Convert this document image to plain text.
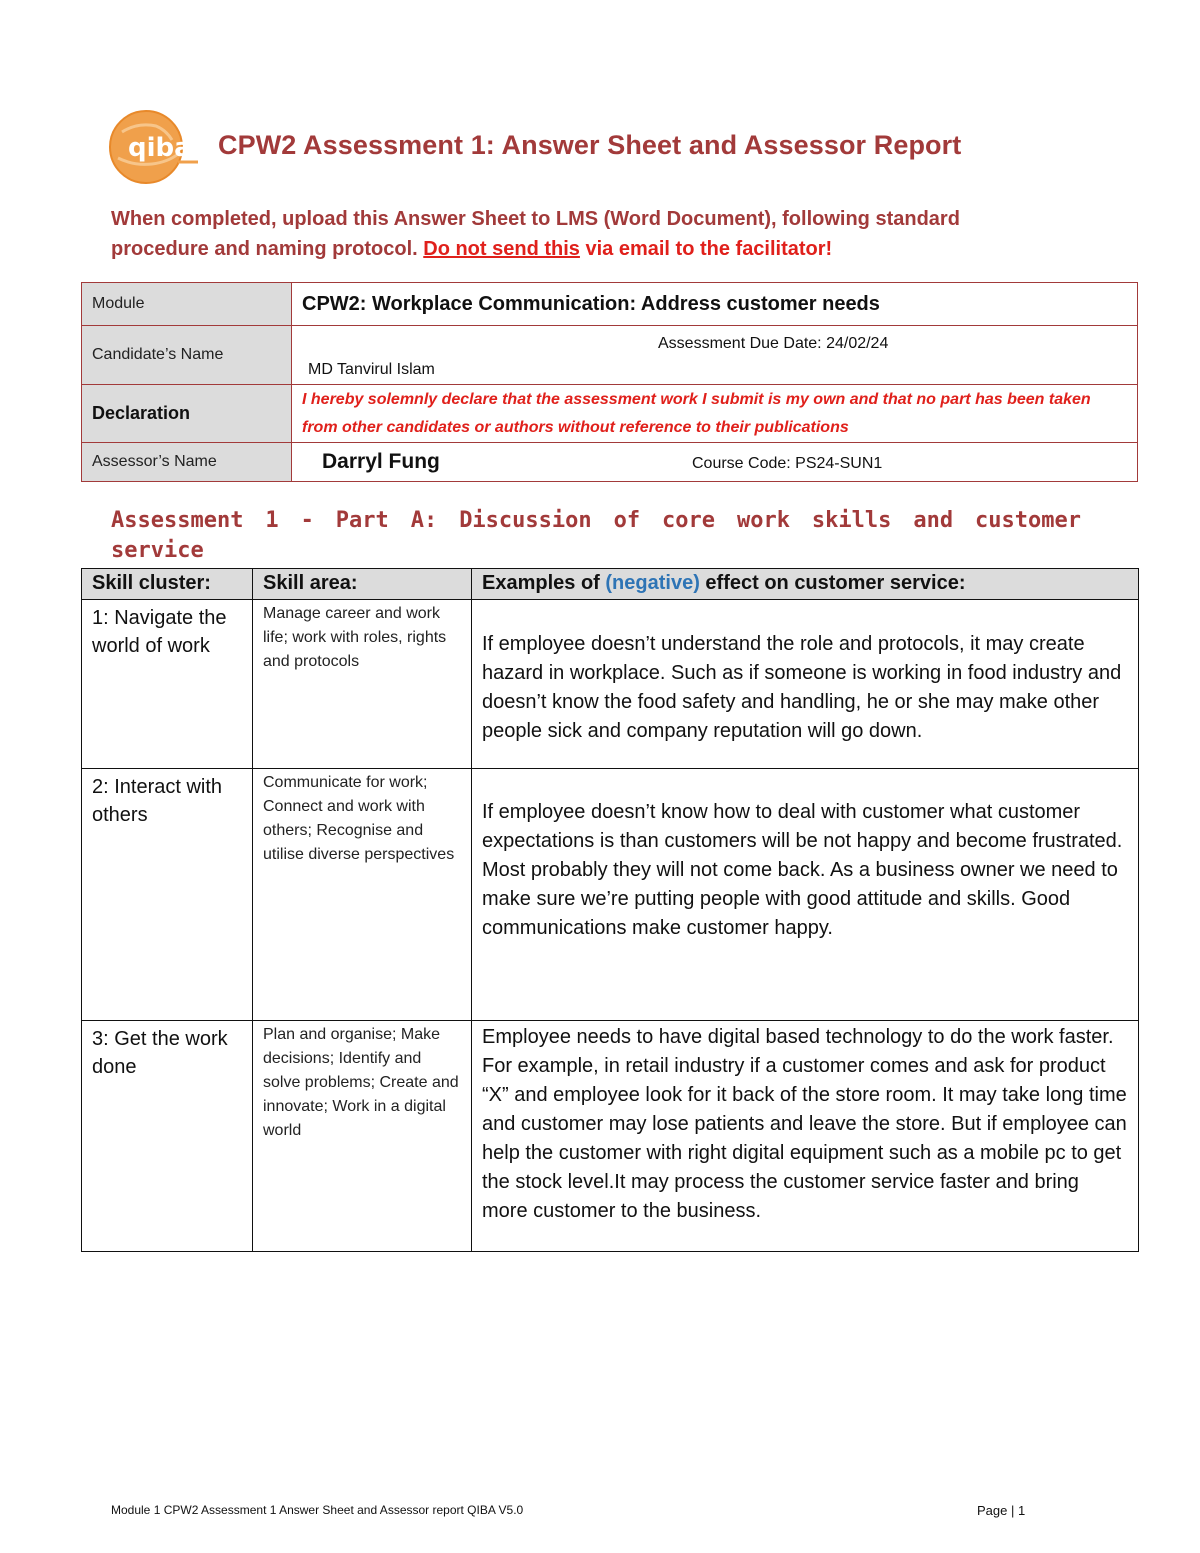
qiba CPW2 Assessment 1: Answer Sheet and Assessor Report
When completed, upload this Answer Sheet to LMS (Word Document), following standard procedure and naming protocol. Do not send this via email to the facilitator!
Module	CPW2: Workplace Communication: Address customer needs
Candidate’s Name	Assessment Due Date: 24/02/24
MD Tanvirul Islam

Declaration	I hereby solemnly declare that the assessment work I submit is my own and that no part has been taken from other candidates or authors without reference to their publications
Assessor’s Name	Darryl Fung Course Code: PS24-SUN1
Assessment 1 - Part A: Discussion of core work skills and customer service
Skill cluster:	Skill area:	Examples of (negative) effect on customer service:
1: Navigate the world of work	Manage career and work life; work with roles, rights and protocols	If employee doesn’t understand the role and protocols, it may create hazard in workplace. Such as if someone is working in food industry and doesn’t know the food safety and handling, he or she may make other people sick and company reputation will go down.
2: Interact with others	Communicate for work; Connect and work with others; Recognise and utilise diverse perspectives	If employee doesn’t know how to deal with customer what customer expectations is than customers will be not happy and become frustrated. Most probably they will not come back. As a business owner we need to make sure we’re putting people with good attitude and skills. Good communications make customer happy.
3: Get the work done	Plan and organise; Make decisions; Identify and solve problems; Create and innovate; Work in a digital world	Employee needs to have digital based technology to do the work faster. For example, in retail industry if a customer comes and ask for product “X” and employee look for it back of the store room. It may take long time and customer may lose patients and leave the store. But if employee can help the customer with right digital equipment such as a mobile pc to get the stock level.It may process the customer service faster and bring more customer to the business.
Module 1 CPW2 Assessment 1 Answer Sheet and Assessor report QIBA V5.0	Page | 1
